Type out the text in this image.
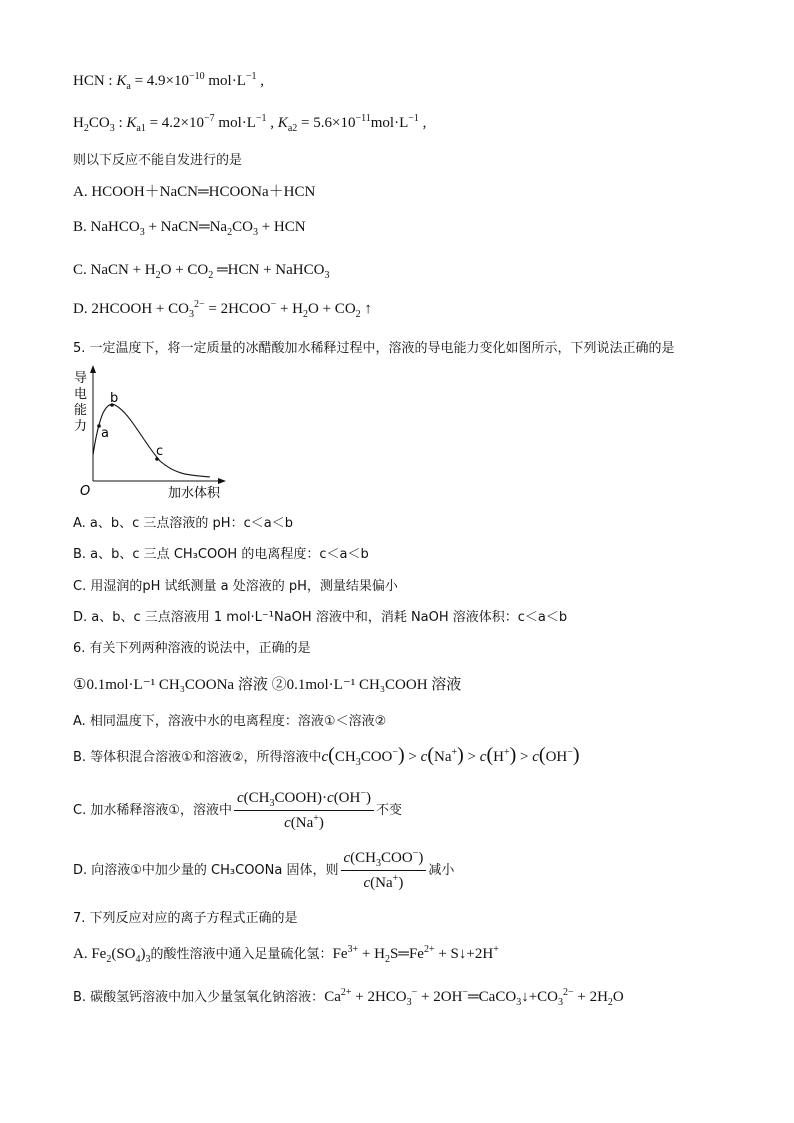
HCN : $K_a = 4.9\times 10^{-10}$ $mol\cdot L^{-1}$ ,
$H_2CO_3$ : $K_{a1} = 4.2\times 10^{-7}$ $mol\cdot L^{-1}$ , $K_{a2} = 5.6\times 10^{-11}mol\cdot L^{-1}$ ,
则以下反应不能自发进行的是
A. HCOOH＋NaCN═HCOONa＋HCN
B. NaHCO$_3$ + $NaCN═Na_2CO_3$ + HCN
C. NaCN + $H_2O + CO_2$ ═HCN + NaHCO$_3$
D. 2HCOOH + $CO_3^{2-}$ = 2HCOO− + $H_2O + CO_2$ ↑
5. 一定温度下，将一定质量的冰醋酸加水稀释过程中，溶液的导电能力变化如图所示，下列说法正确的是
导
电
能
力
O	加水体积
a
b
c
A. a、b、c 三点溶液的 pH：c＜a＜b
B. a、b、c 三点 CH₃COOH 的电离程度：c＜a＜b
C. 用湿润的pH 试纸测量 a 处溶液的 pH，测量结果偏小
D. a、b、c 三点溶液用 1 mol·L⁻¹NaOH 溶液中和，消耗 NaOH 溶液体积：c＜a＜b
6. 有关下列两种溶液的说法中，正确的是
①0.1mol·L⁻¹ CH₃COONa 溶液 ②0.1mol·L⁻¹ CH₃COOH 溶液
A. 相同温度下，溶液中水的电离程度：溶液①＜溶液②
B. 等体积混合溶液①和溶液②，所得溶液中$c(CH_3COO^-) > c(Na^+) > c(H^+) > c(OH^-)$
C. 加水稀释溶液①，溶液中 $\frac{c(CH_3COOH)\cdot c(OH^-)}{c(Na^+)}$ 不变
D. 向溶液①中加少量的 CH₃COONa 固体，则 $\frac{c(CH_3COO^-)}{c(Na^+)}$ 减小
7. 下列反应对应的离子方程式正确的是
A. $Fe_2(SO_4)_3$的酸性溶液中通入足量硫化氢：$Fe^{3+}$ + $H_2S═Fe^{2+}$ + S↓+2H+
B. 碳酸氢钙溶液中加入少量氢氧化钠溶液：$Ca^{2+} + 2HCO_3^-$ + $2OH^-═CaCO_3↓+CO_3^{2-} + 2H_2O$
